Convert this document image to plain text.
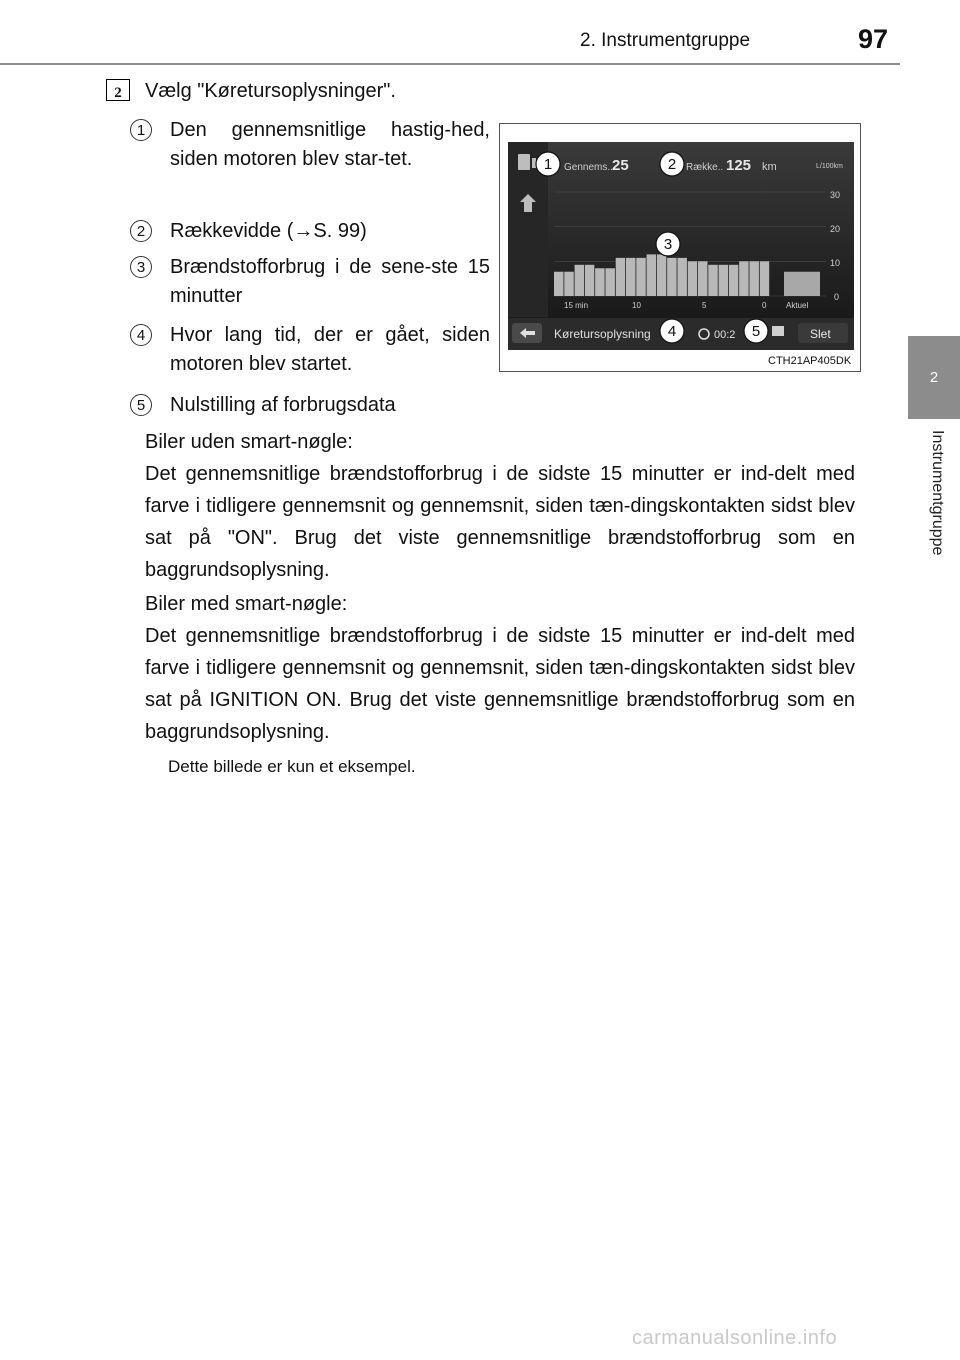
2. Instrumentgruppe	97
2
Instrumentgruppe
2	Vælg "Køretursoplysninger".
1	Den gennemsnitlige hastig-hed, siden motoren blev star-tet.
2	Rækkevidde (→S. 99)
3	Brændstofforbrug i de sene-ste 15 minutter
4	Hvor lang tid, der er gået, siden motoren blev startet.
5	Nulstilling af forbrugsdata
Biler uden smart-nøgle:
Det gennemsnitlige brændstofforbrug i de sidste 15 minutter er ind-delt med farve i tidligere gennemsnit og gennemsnit, siden tæn-dingskontakten sidst blev sat på "ON". Brug det viste gennemsnitlige brændstofforbrug som en baggrundsoplysning.
Biler med smart-nøgle:
Det gennemsnitlige brændstofforbrug i de sidste 15 minutter er ind-delt med farve i tidligere gennemsnit og gennemsnit, siden tæn-dingskontakten sidst blev sat på IGNITION ON. Brug det viste gennemsnitlige brændstofforbrug som en baggrundsoplysning.
Dette billede er kun et eksempel.
Gennems.. 25	Række.. 125 km	L/100km
30
20
10
0
15 min	10	5	0 Aktuel
Køretursoplysning	00:2	Slet
1	2
3
4	5
CTH21AP405DK
carmanualsonline.info
